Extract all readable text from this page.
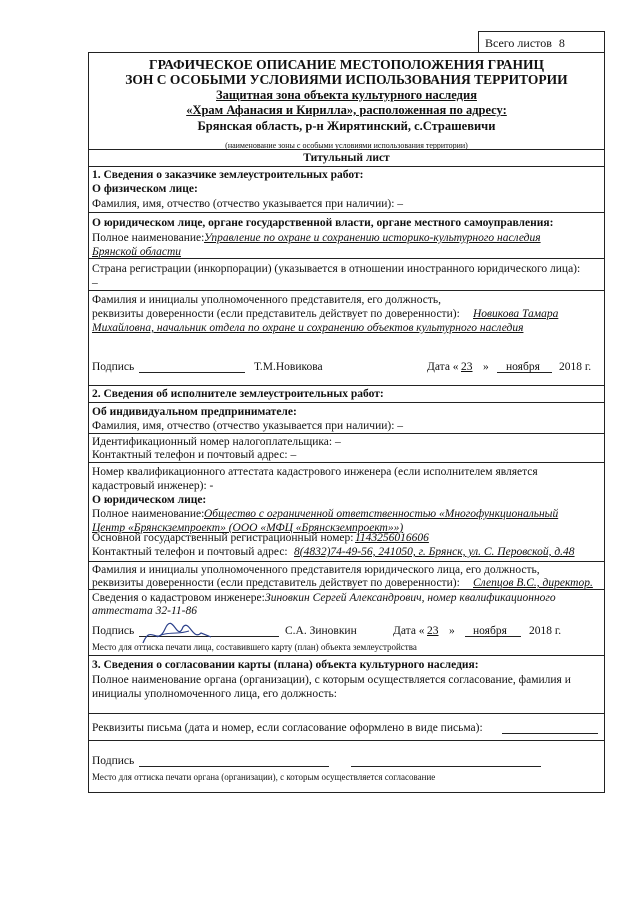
Всего листов 8
ГРАФИЧЕСКОЕ ОПИСАНИЕ МЕСТОПОЛОЖЕНИЯ ГРАНИЦ
ЗОН С ОСОБЫМИ УСЛОВИЯМИ ИСПОЛЬЗОВАНИЯ ТЕРРИТОРИИ
Защитная зона объекта культурного наследия
«Храм Афанасия и Кирилла», расположенная по адресу:
Брянская область, р-н Жирятинский, с.Страшевичи
(наименование зоны с особыми условиями использования территории)
Титульный лист
1. Сведения о заказчике землеустроительных работ:
О физическом лице:
Фамилия, имя, отчество (отчество указывается при наличии): –
О юридическом лице, органе государственной власти, органе местного самоуправления:
Полное наименование: Управление по охране и сохранению историко-культурного наследия
Брянской области
Страна регистрации (инкорпорации) (указывается в отношении иностранного юридического лица):
–
Фамилия и инициалы уполномоченного представителя, его должность,
реквизиты доверенности (если представитель действует по доверенности): Новикова Тамара
Михайловна, начальник отдела по охране и сохранению объектов культурного наследия
Подпись	Т.М.Новикова	Дата « 23 » ноября 2018 г.
2. Сведения об исполнителе землеустроительных работ:
Об индивидуальном предпринимателе:
Фамилия, имя, отчество (отчество указывается при наличии): –
Идентификационный номер налогоплательщика: –
Контактный телефон и почтовый адрес: –
Номер квалификационного аттестата кадастрового инженера (если исполнителем является
кадастровый инженер): -
О юридическом лице:
Полное наименование: Общество с ограниченной ответственностью «Многофункциональный
Центр «Брянскземпроект» (ООО «МФЦ «Брянскземпроект»»)
Основной государственный регистрационный номер: 1143256016606
Контактный телефон и почтовый адрес: 8(4832)74-49-56, 241050, г. Брянск, ул. С. Перовской, д.48
Фамилия и инициалы уполномоченного представителя юридического лица, его должность,
реквизиты доверенности (если представитель действует по доверенности): Слепцов В.С., директор.
Сведения о кадастровом инженере: Зиновкин Сергей Александрович, номер квалификационного
аттестата 32-11-86
Подпись	С.А. Зиновкин
Место для оттиска печати лица, составившего карту (план) объекта землеустройства
Дата « 23 » ноября 2018 г.
3. Сведения о согласовании карты (плана) объекта культурного наследия:
Полное наименование органа (организации), с которым осуществляется согласование, фамилия и
инициалы уполномоченного лица, его должность:
Реквизиты письма (дата и номер, если согласование оформлено в виде письма):
Подпись
Место для оттиска печати органа (организации), с которым осуществляется согласование
